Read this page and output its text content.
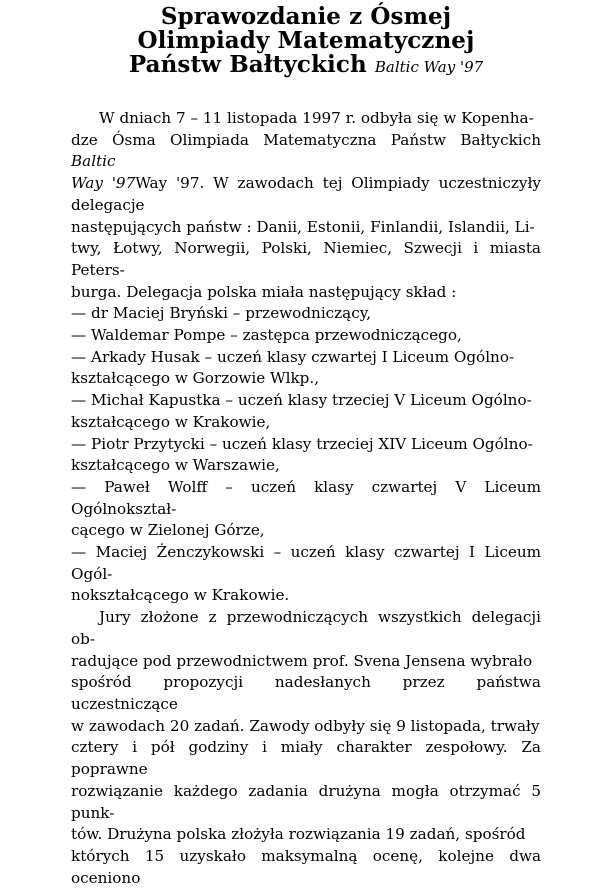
Sprawozdanie z Ósmej
Olimpiady Matematycznej
Państw Bałtyckich Baltic Way '97

W dniach 7 – 11 listopada 1997 r. odbyła się w Kopenha-
dze Ósma Olimpiada Matematyczna Państw Bałtyckich Baltic
Way '97Way '97. W zawodach tej Olimpiady uczestniczyły delegacje
następujących państw : Danii, Estonii, Finlandii, Islandii, Li-
twy, Łotwy, Norwegii, Polski, Niemiec, Szwecji i miasta Peters-
burga. Delegacja polska miała następujący skład :

— dr Maciej Bryński – przewodniczący,
— Waldemar Pompe – zastępca przewodniczącego,
— Arkady Husak – uczeń klasy czwartej I Liceum Ogólno-
kształcącego w Gorzowie Wlkp.,
— Michał Kapustka – uczeń klasy trzeciej V Liceum Ogólno-
kształcącego w Krakowie,
— Piotr Przytycki – uczeń klasy trzeciej XIV Liceum Ogólno-
kształcącego w Warszawie,
— Paweł Wolff – uczeń klasy czwartej V Liceum Ogólnokształ-
cącego w Zielonej Górze,
— Maciej Żenczykowski – uczeń klasy czwartej I Liceum Ogól-
nokształcącego w Krakowie.

Jury złożone z przewodniczących wszystkich delegacji ob-
radujące pod przewodnictwem prof. Svena Jensena wybrało
spośród propozycji nadesłanych przez państwa uczestniczące
w zawodach 20 zadań. Zawody odbyły się 9 listopada, trwały
cztery i pół godziny i miały charakter zespołowy. Za poprawne
rozwiązanie każdego zadania drużyna mogła otrzymać 5 punk-
tów. Drużyna polska złożyła rozwiązania 19 zadań, spośród
których 15 uzyskało maksymalną ocenę, kolejne dwa oceniono
